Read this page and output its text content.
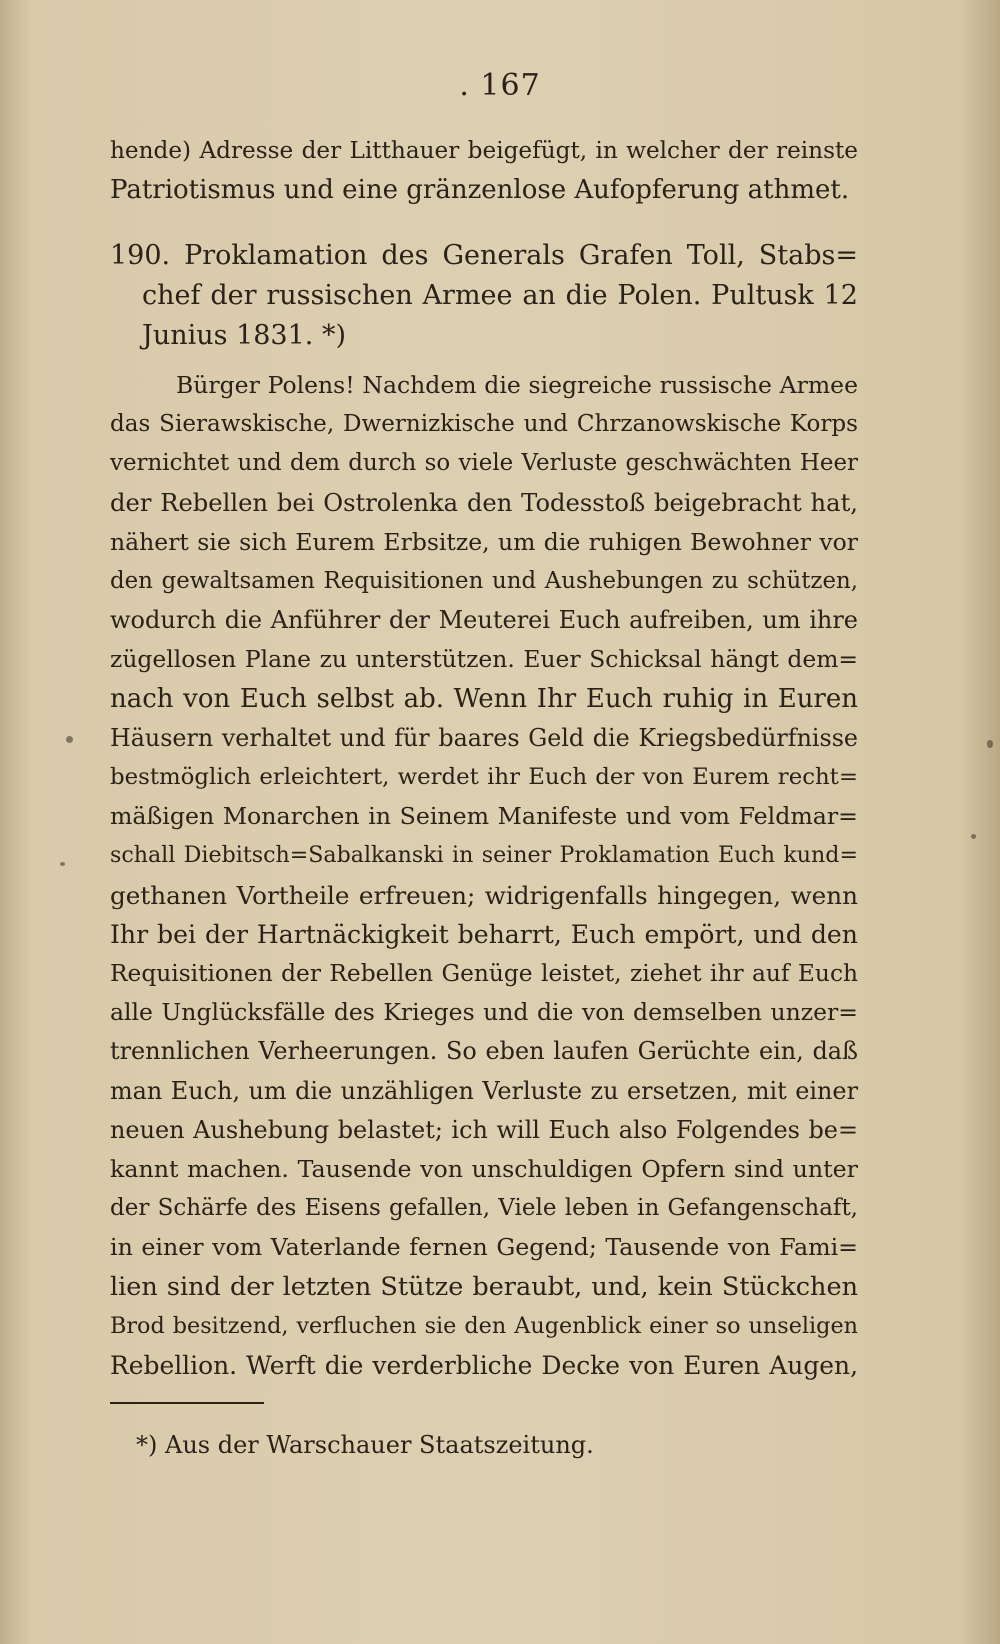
. 167
hende) Adresse der Litthauer beigefügt, in welcher der reinste
Patriotismus und eine gränzenlose Aufopferung athmet.
190. Proklamation des Generals Grafen Toll, Stabs=
chef der russischen Armee an die Polen. Pultusk 12
Junius 1831. *)
Bürger Polens! Nachdem die siegreiche russische Armee
das Sierawskische, Dwernizkische und Chrzanowskische Korps
vernichtet und dem durch so viele Verluste geschwächten Heer
der Rebellen bei Ostrolenka den Todesstoß beigebracht hat,
nähert sie sich Eurem Erbsitze, um die ruhigen Bewohner vor
den gewaltsamen Requisitionen und Aushebungen zu schützen,
wodurch die Anführer der Meuterei Euch aufreiben, um ihre
zügellosen Plane zu unterstützen. Euer Schicksal hängt dem=
nach von Euch selbst ab. Wenn Ihr Euch ruhig in Euren
Häusern verhaltet und für baares Geld die Kriegsbedürfnisse
bestmöglich erleichtert, werdet ihr Euch der von Eurem recht=
mäßigen Monarchen in Seinem Manifeste und vom Feldmar=
schall Diebitsch=Sabalkanski in seiner Proklamation Euch kund=
gethanen Vortheile erfreuen; widrigenfalls hingegen, wenn
Ihr bei der Hartnäckigkeit beharrt, Euch empört, und den
Requisitionen der Rebellen Genüge leistet, ziehet ihr auf Euch
alle Unglücksfälle des Krieges und die von demselben unzer=
trennlichen Verheerungen. So eben laufen Gerüchte ein, daß
man Euch, um die unzähligen Verluste zu ersetzen, mit einer
neuen Aushebung belastet; ich will Euch also Folgendes be=
kannt machen. Tausende von unschuldigen Opfern sind unter
der Schärfe des Eisens gefallen, Viele leben in Gefangenschaft,
in einer vom Vaterlande fernen Gegend; Tausende von Fami=
lien sind der letzten Stütze beraubt, und, kein Stückchen
Brod besitzend, verfluchen sie den Augenblick einer so unseligen
Rebellion. Werft die verderbliche Decke von Euren Augen,
*) Aus der Warschauer Staatszeitung.
